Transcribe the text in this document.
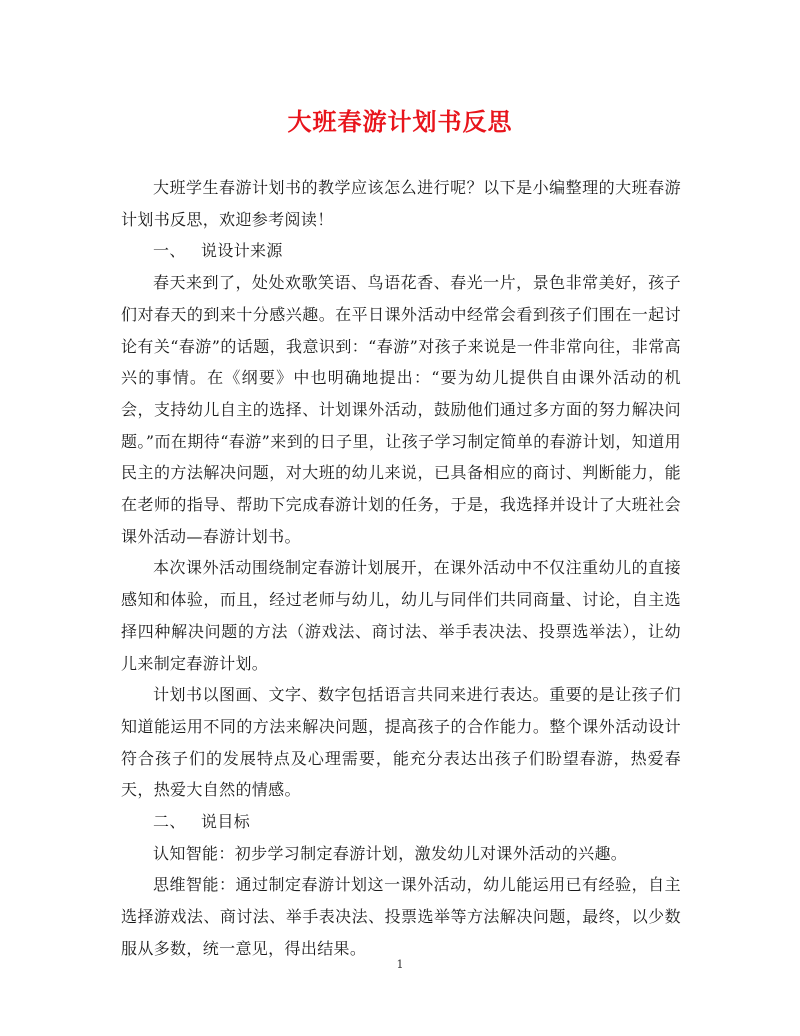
大班春游计划书反思

大班学生春游计划书的教学应该怎么进行呢？以下是小编整理的大班春游计划书反思，欢迎参考阅读！

一、 说设计来源

春天来到了，处处欢歌笑语、鸟语花香、春光一片，景色非常美好，孩子们对春天的到来十分感兴趣。在平日课外活动中经常会看到孩子们围在一起讨论有关“春游”的话题，我意识到：“春游”对孩子来说是一件非常向往，非常高兴的事情。在《纲要》中也明确地提出：“要为幼儿提供自由课外活动的机会，支持幼儿自主的选择、计划课外活动，鼓励他们通过多方面的努力解决问题。”而在期待“春游”来到的日子里，让孩子学习制定简单的春游计划，知道用民主的方法解决问题，对大班的幼儿来说，已具备相应的商讨、判断能力，能在老师的指导、帮助下完成春游计划的任务，于是，我选择并设计了大班社会课外活动—春游计划书。

本次课外活动围绕制定春游计划展开，在课外活动中不仅注重幼儿的直接感知和体验，而且，经过老师与幼儿，幼儿与同伴们共同商量、讨论，自主选择四种解决问题的方法（游戏法、商讨法、举手表决法、投票选举法），让幼儿来制定春游计划。

计划书以图画、文字、数字包括语言共同来进行表达。重要的是让孩子们知道能运用不同的方法来解决问题，提高孩子的合作能力。整个课外活动设计符合孩子们的发展特点及心理需要，能充分表达出孩子们盼望春游，热爱春天，热爱大自然的情感。

二、 说目标

认知智能：初步学习制定春游计划，激发幼儿对课外活动的兴趣。

思维智能：通过制定春游计划这一课外活动，幼儿能运用已有经验，自主选择游戏法、商讨法、举手表决法、投票选举等方法解决问题，最终，以少数服从多数，统一意见，得出结果。

1
